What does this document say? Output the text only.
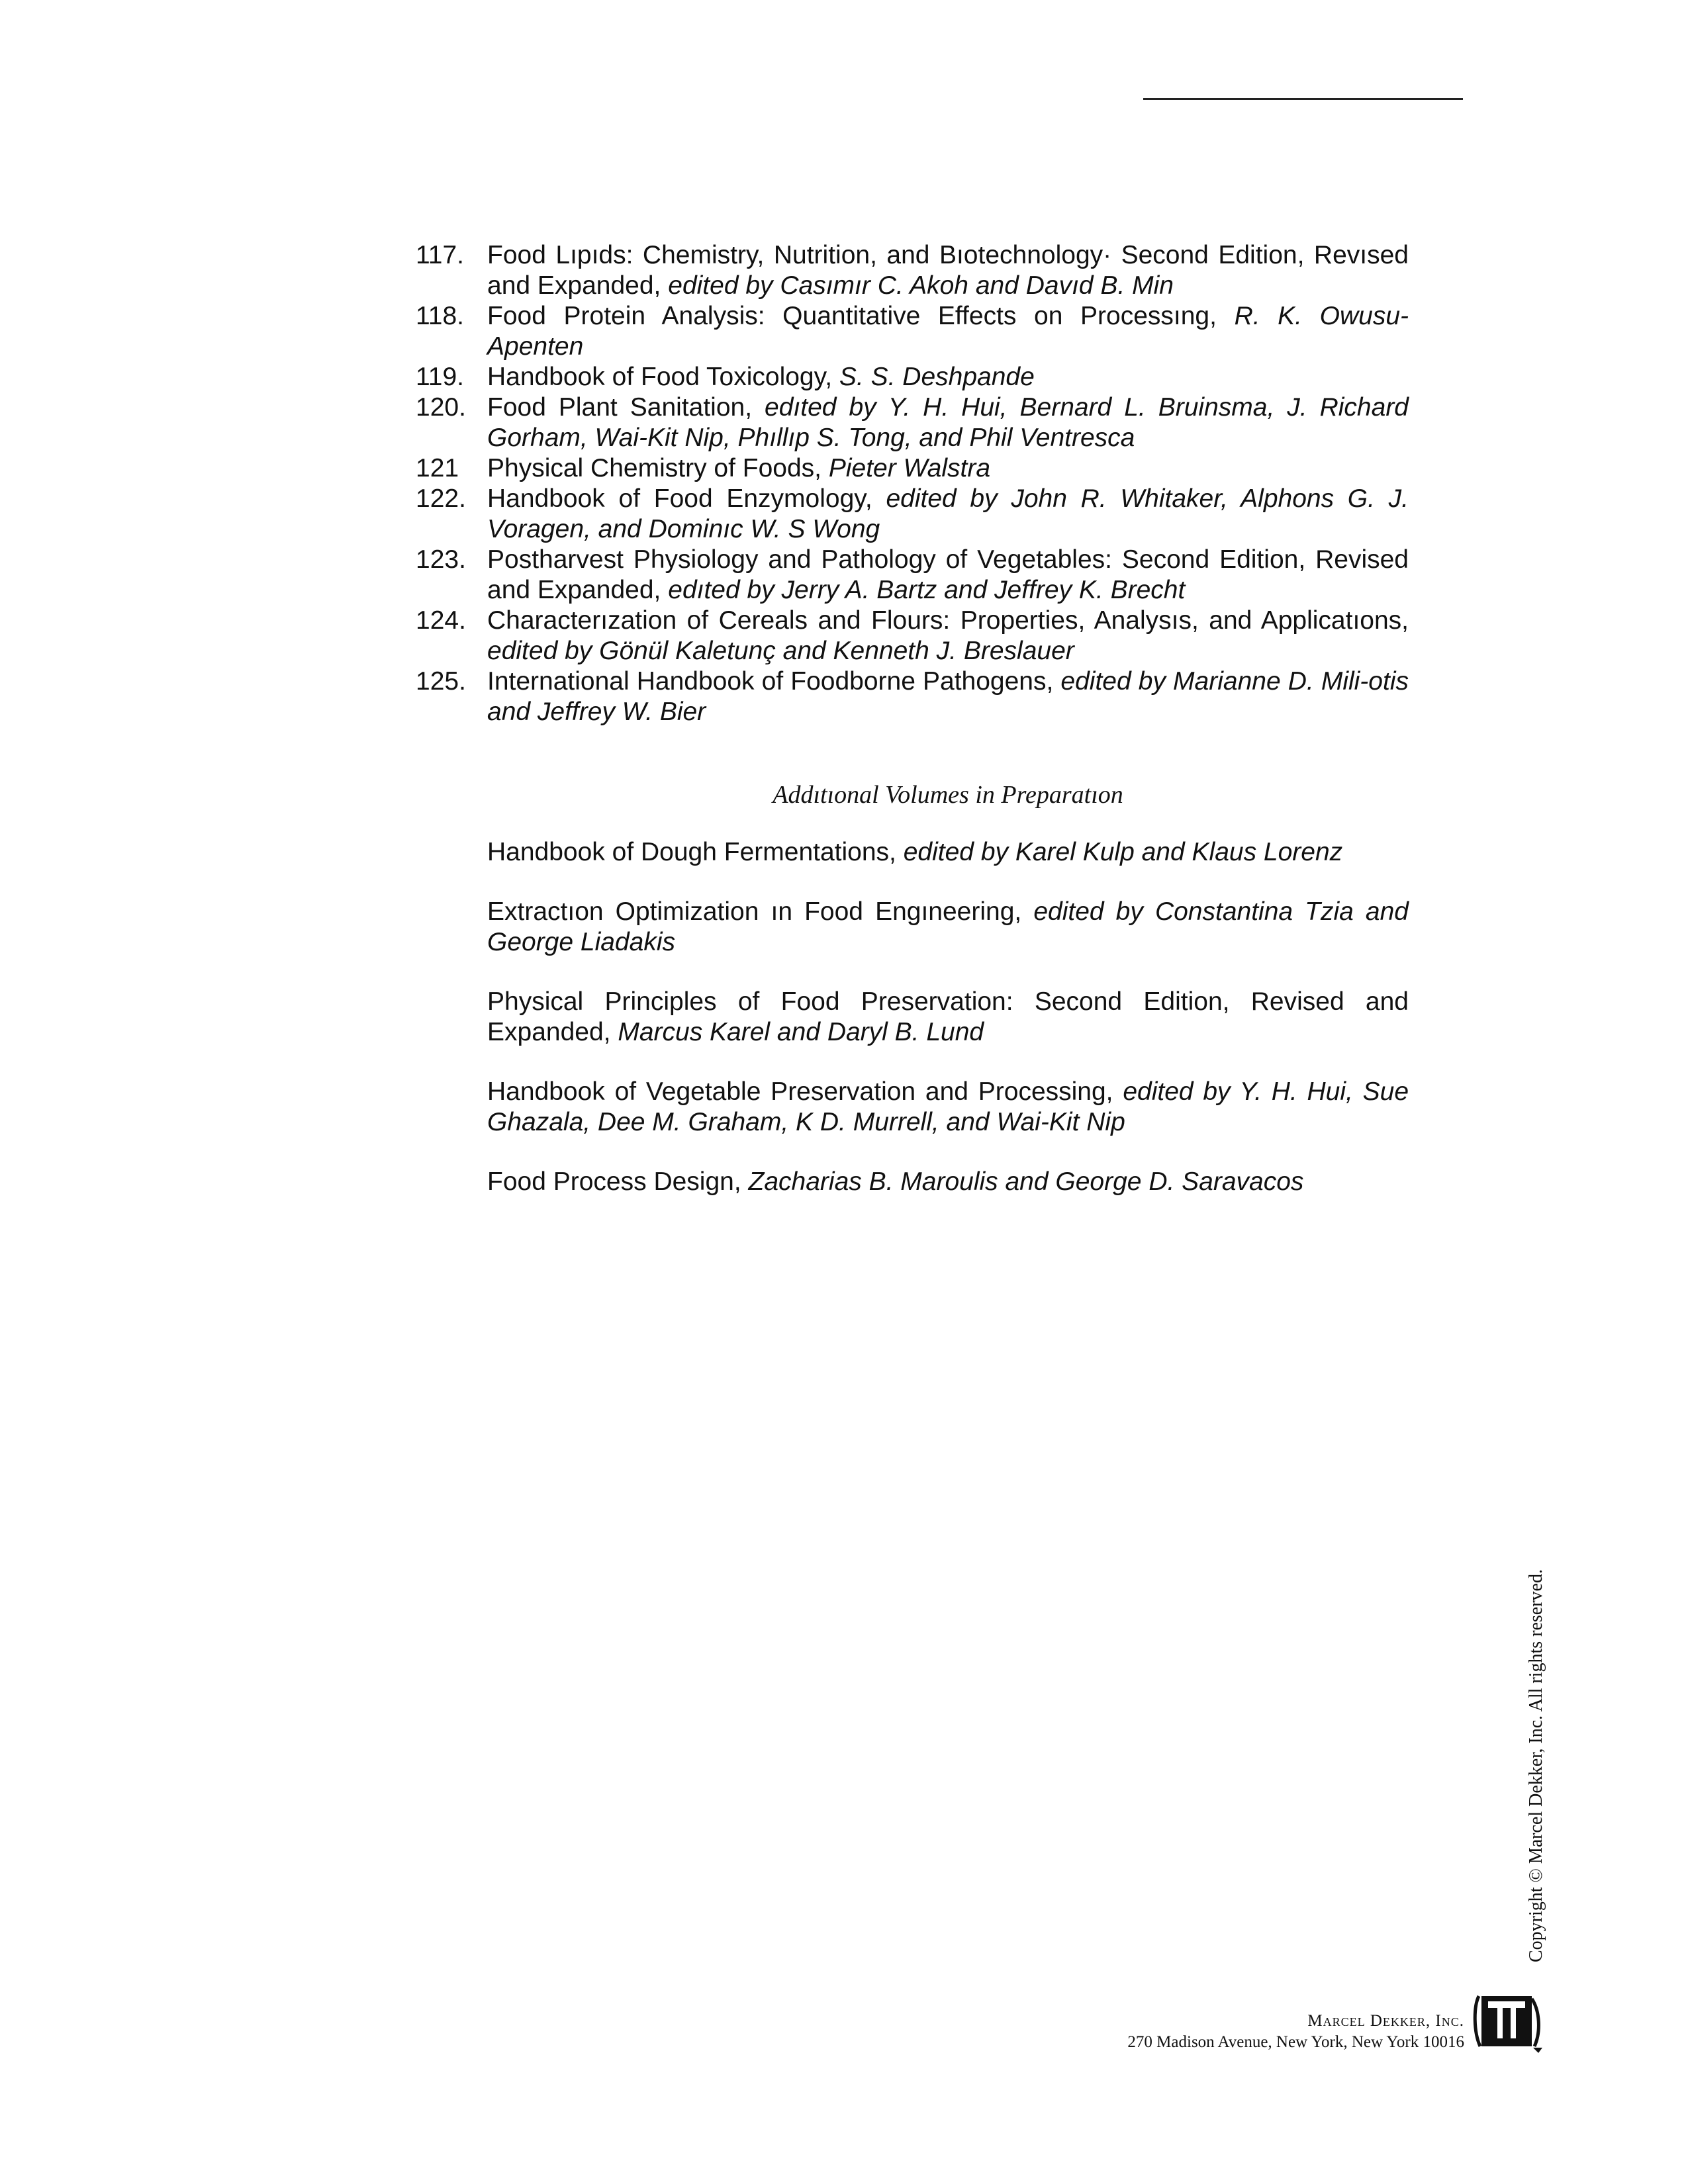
117. Food Lıpıds: Chemistry, Nutrition, and Bıotechnology· Second Edition, Revısed and Expanded, edited by Casımır C. Akoh and Davıd B. Min
118. Food Protein Analysis: Quantitative Effects on Processıng, R. K. Owusu-Apenten
119. Handbook of Food Toxicology, S. S. Deshpande
120. Food Plant Sanitation, edıted by Y. H. Hui, Bernard L. Bruinsma, J. Richard Gorham, Wai-Kit Nip, Phıllıp S. Tong, and Phil Ventresca
121	Physical Chemistry of Foods, Pieter Walstra
122. Handbook of Food Enzymology, edited by John R. Whitaker, Alphons G. J. Voragen, and Dominıc W. S Wong
123. Postharvest Physiology and Pathology of Vegetables: Second Edition, Revised and Expanded, edıted by Jerry A. Bartz and Jeffrey K. Brecht
124. Characterızation of Cereals and Flours: Properties, Analysıs, and Applicatıons, edited by Gönül Kaletunç and Kenneth J. Breslauer
125. International Handbook of Foodborne Pathogens, edited by Marianne D. Mili-otis and Jeffrey W. Bier
Addıtıonal Volumes in Preparatıon
Handbook of Dough Fermentations, edited by Karel Kulp and Klaus Lorenz
Extractıon Optimization ın Food Engıneering, edited by Constantina Tzia and George Liadakis
Physical Principles of Food Preservation: Second Edition, Revised and Expanded, Marcus Karel and Daryl B. Lund
Handbook of Vegetable Preservation and Processing, edited by Y. H. Hui, Sue Ghazala, Dee M. Graham, K D. Murrell, and Wai-Kit Nip
Food Process Design, Zacharias B. Maroulis and George D. Saravacos
Copyright © Marcel Dekker, Inc. All rights reserved.
Marcel Dekker, Inc.
270 Madison Avenue, New York, New York 10016
